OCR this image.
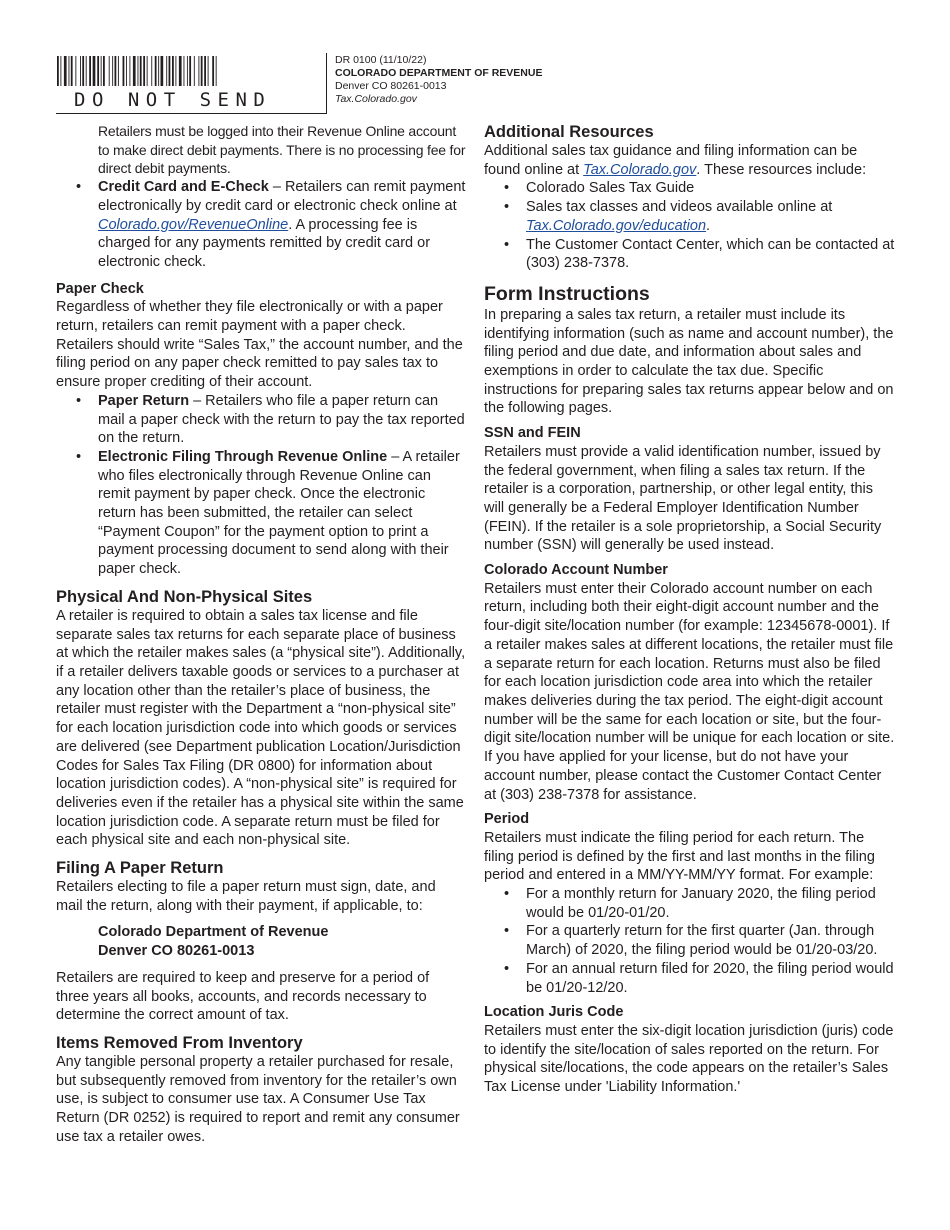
DO NOT SEND
DR 0100 (11/10/22)
COLORADO DEPARTMENT OF REVENUE
Denver CO 80261-0013
Tax.Colorado.gov

Retailers must be logged into their Revenue Online account to make direct debit payments. There is no processing fee for direct debit payments.

• Credit Card and E-Check – Retailers can remit payment electronically by credit card or electronic check online at Colorado.gov/RevenueOnline. A processing fee is charged for any payments remitted by credit card or electronic check.
Paper Check

Regardless of whether they file electronically or with a paper return, retailers can remit payment with a paper check. Retailers should write “Sales Tax,” the account number, and the filing period on any paper check remitted to pay sales tax to ensure proper crediting of their account.

• Paper Return – Retailers who file a paper return can mail a paper check with the return to pay the tax reported on the return.
• Electronic Filing Through Revenue Online – A retailer who files electronically through Revenue Online can remit payment by paper check. Once the electronic return has been submitted, the retailer can select “Payment Coupon” for the payment option to print a payment processing document to send along with their paper check.
Physical And Non-Physical Sites

A retailer is required to obtain a sales tax license and file separate sales tax returns for each separate place of business at which the retailer makes sales (a “physical site”). Additionally, if a retailer delivers taxable goods or services to a purchaser at any location other than the retailer’s place of business, the retailer must register with the Department a “non-physical site” for each location jurisdiction code into which goods or services are delivered (see Department publication Location/Jurisdiction Codes for Sales Tax Filing (DR 0800) for information about location jurisdiction codes). A “non-physical site” is required for deliveries even if the retailer has a physical site within the same location jurisdiction code. A separate return must be filed for each physical site and each non-physical site.

Filing A Paper Return

Retailers electing to file a paper return must sign, date, and mail the return, along with their payment, if applicable, to:

Colorado Department of Revenue
Denver CO 80261-0013

Retailers are required to keep and preserve for a period of three years all books, accounts, and records necessary to determine the correct amount of tax.

Items Removed From Inventory

Any tangible personal property a retailer purchased for resale, but subsequently removed from inventory for the retailer’s own use, is subject to consumer use tax. A Consumer Use Tax Return (DR 0252) is required to report and remit any consumer use tax a retailer owes.

Additional Resources

Additional sales tax guidance and filing information can be found online at Tax.Colorado.gov. These resources include:

• Colorado Sales Tax Guide
• Sales tax classes and videos available online at Tax.Colorado.gov/education.
• The Customer Contact Center, which can be contacted at (303) 238-7378.
Form Instructions

In preparing a sales tax return, a retailer must include its identifying information (such as name and account number), the filing period and due date, and information about sales and exemptions in order to calculate the tax due. Specific instructions for preparing sales tax returns appear below and on the following pages.

SSN and FEIN

Retailers must provide a valid identification number, issued by the federal government, when filing a sales tax return. If the retailer is a corporation, partnership, or other legal entity, this will generally be a Federal Employer Identification Number (FEIN). If the retailer is a sole proprietorship, a Social Security number (SSN) will generally be used instead.

Colorado Account Number

Retailers must enter their Colorado account number on each return, including both their eight-digit account number and the four-digit site/location number (for example: 12345678-0001). If a retailer makes sales at different locations, the retailer must file a separate return for each location. Returns must also be filed for each location jurisdiction code area into which the retailer makes deliveries during the tax period. The eight-digit account number will be the same for each location or site, but the four-digit site/location number will be unique for each location or site.

If you have applied for your license, but do not have your account number, please contact the Customer Contact Center at (303) 238-7378 for assistance.

Period

Retailers must indicate the filing period for each return. The filing period is defined by the first and last months in the filing period and entered in a MM/YY-MM/YY format. For example:

• For a monthly return for January 2020, the filing period would be 01/20-01/20.
• For a quarterly return for the first quarter (Jan. through March) of 2020, the filing period would be 01/20-03/20.
• For an annual return filed for 2020, the filing period would be 01/20-12/20.
Location Juris Code

Retailers must enter the six-digit location jurisdiction (juris) code to identify the site/location of sales reported on the return. For physical site/locations, the code appears on the retailer’s Sales Tax License under 'Liability Information.'
